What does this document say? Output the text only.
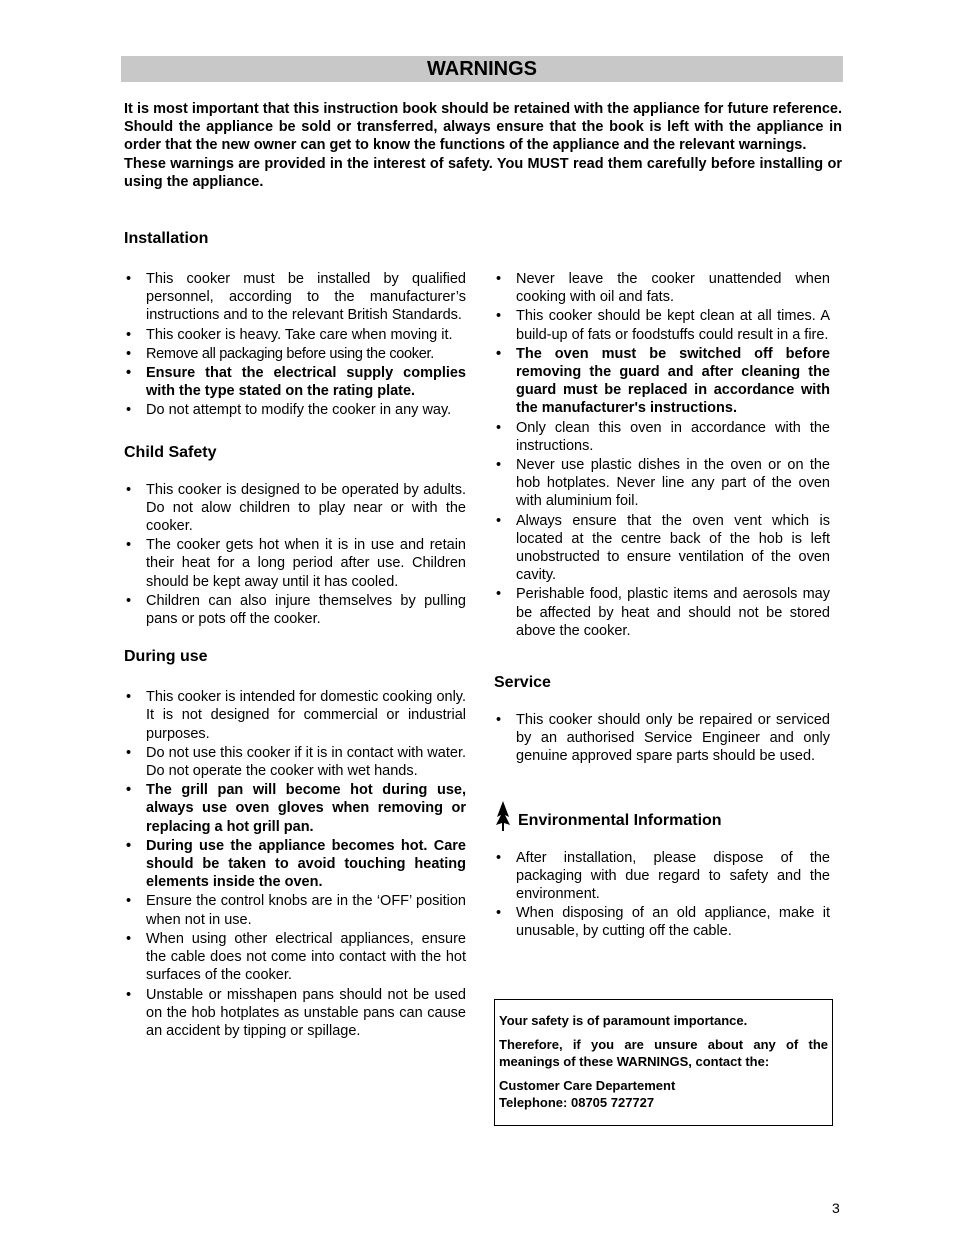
WARNINGS

It is most important that this instruction book should be retained with the appliance for future reference. Should the appliance be sold or transferred, always ensure that the book is left with the appliance in order that the new owner can get to know the functions of the appliance and the relevant warnings.

These warnings are provided in the interest of safety. You MUST read them carefully before installing or using the appliance.

Installation
• This cooker must be installed by qualified personnel, according to the manufacturer’s instructions and to the relevant British Standards.
• This cooker is heavy. Take care when moving it.
• Remove all packaging before using the cooker.
• Ensure that the electrical supply complies with the type stated on the rating plate.
• Do not attempt to modify the cooker in any way.
Child Safety
• This cooker is designed to be operated by adults. Do not alow children to play near or with the cooker.
• The cooker gets hot when it is in use and retain their heat for a long period after use. Children should be kept away until it has cooled.
• Children can also injure themselves by pulling pans or pots off the cooker.
During use
• This cooker is intended for domestic cooking only. It is not designed for commercial or industrial purposes.
• Do not use this cooker if it is in contact with water. Do not operate the cooker with wet hands.
• The grill pan will become hot during use, always use oven gloves when removing or replacing a hot grill pan.
• During use the appliance becomes hot. Care should be taken to avoid touching heating elements inside the oven.
• Ensure the control knobs are in the ‘OFF’ position when not in use.
• When using other electrical appliances, ensure the cable does not come into contact with the hot surfaces of the cooker.
• Unstable or misshapen pans should not be used on the hob hotplates as unstable pans can cause an accident by tipping or spillage.
• Never leave the cooker unattended when cooking with oil and fats.
• This cooker should be kept clean at all times. A build-up of fats or foodstuffs could result in a fire.
• The oven must be switched off before removing the guard and after cleaning the guard must be replaced in accordance with the manufacturer's instructions.
• Only clean this oven in accordance with the instructions.
• Never use plastic dishes in the oven or on the hob hotplates. Never line any part of the oven with aluminium foil.
• Always ensure that the oven vent which is located at the centre back of the hob is left unobstructed to ensure ventilation of the oven cavity.
• Perishable food, plastic items and aerosols may be affected by heat and should not be stored above the cooker.
Service
• This cooker should only be repaired or serviced by an authorised Service Engineer and only genuine approved spare parts should be used.
Environmental Information
• After installation, please dispose of the packaging with due regard to safety and the environment.
• When disposing of an old appliance, make it unusable, by cutting off the cable.

Your safety is of paramount importance.

Therefore, if you are unsure about any of the meanings of these WARNINGS, contact the:

Customer Care Departement

Telephone: 08705 727727

3
